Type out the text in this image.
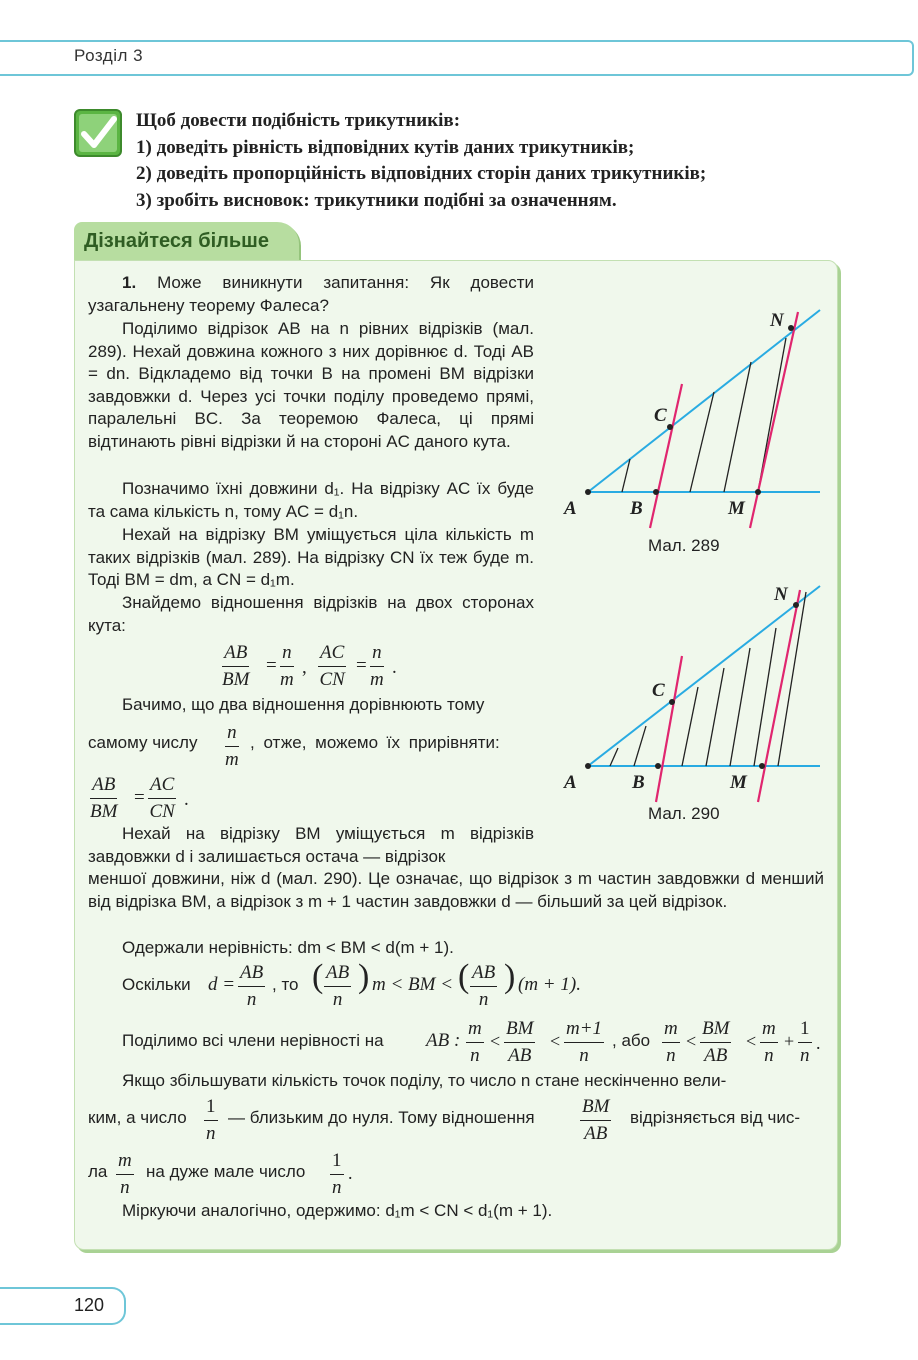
Розділ 3
Щоб довести подібність трикутників:
1) доведіть рівність відповідних кутів даних трикутників;
2) доведіть пропорційність відповідних сторін даних трикутників;
3) зробіть висновок: трикутники подібні за означенням.
Дізнайтеся більше

1. Може виникнути запитання: Як довести узагальнену теорему Фалеса?

Поділимо відрізок AB на n рівних відрізків (мал. 289). Нехай довжина кожного з них дорівнює d. Тоді AB = dn. Відкладемо від точки B на промені BM відрізки завдовжки d. Через усі точки поділу проведемо прямі, паралельні BC. За теоремою Фалеса, ці прямі відтинають рівні відрізки й на стороні AC даного кута.

Позначимо їхні довжини d₁. На відрізку AC їх буде та сама кількість n, тому AC = d₁n.

Нехай на відрізку BM уміщується ціла кількість m таких відрізків (мал. 289). На відрізку CN їх теж буде m. Тоді BM = dm, а CN = d₁m.

Знайдемо відношення відрізків на двох сторонах кута:

$\frac{AB}{BM} = \frac{n}{m}$ , $\frac{AC}{CN} = \frac{n}{m}$ .

Бачимо, що два відношення дорівнюють тому

самому числу $\frac{n}{m}$ , отже, можемо їх прирівняти:
$\frac{AB}{BM} = \frac{AC}{CN}$ .

Нехай на відрізку BM уміщується m відрізків завдовжки d і залишається остача — відрізок

меншої довжини, ніж d (мал. 290). Це означає, що відрізок з m частин завдовжки d менший від відрізка BM, а відрізок з m + 1 частин завдовжки d — більший за цей відрізок.

Одержали нерівність: dm < BM < d(m + 1).

Оскільки $d = \frac{AB}{n}$ , то ( $\frac{AB}{n}$ ) m < BM < ( $\frac{AB}{n}$ ) (m + 1).
Поділимо всі члени нерівності на AB : $\frac{m}{n} < \frac{BM}{AB} < \frac{m+1}{n}$ , або $\frac{m}{n} < \frac{BM}{AB} < \frac{m}{n} + \frac{1}{n}$ .

Якщо збільшувати кількість точок поділу, то число n стане нескінченно вели-

ким, а число $\frac{1}{n}$ — близьким до нуля. Тому відношення $\frac{BM}{AB}$ відрізняється від чис-
ла $\frac{m}{n}$ на дуже мале число $\frac{1}{n}$ .

Міркуючи аналогічно, одержимо: d₁m < CN < d₁(m + 1).

N
C
A	B	M
Мал. 289
N
C
A	B	M
Мал. 290
120
